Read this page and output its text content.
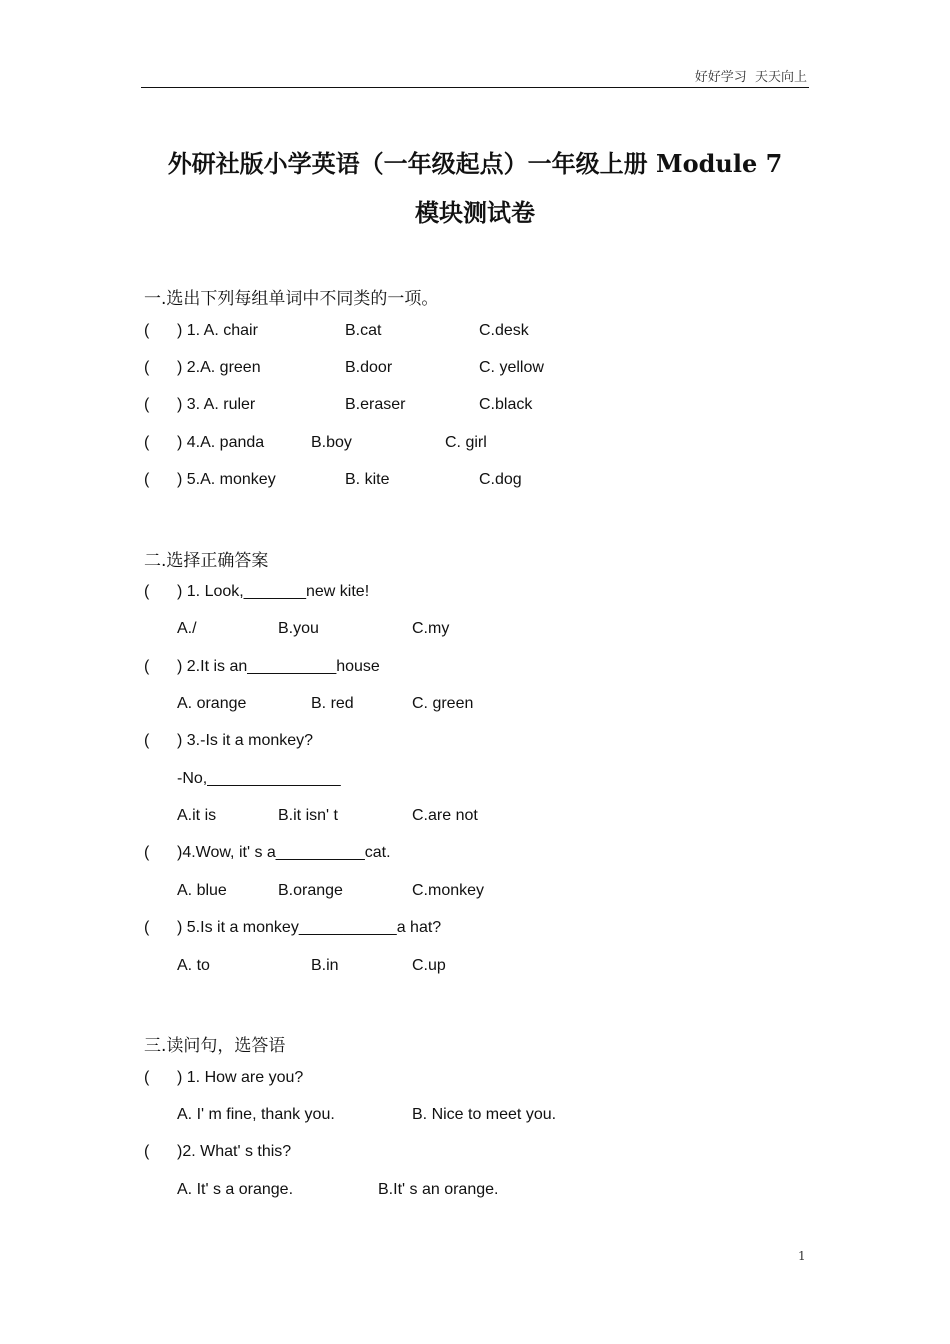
好好学习  天天向上
外研社版小学英语（一年级起点）一年级上册 Module 7
模块测试卷
一.选出下列每组单词中不同类的一项。
( ) 1. A. chair	B.cat	C.desk
( ) 2.A. green	B.door	C. yellow
( ) 3. A. ruler	B.eraser	C.black
( ) 4.A. panda	B.boy	C. girl
( ) 5.A. monkey	B. kite	C.dog
二.选择正确答案
( ) 1. Look,_______new kite!
A./	B.you	C.my
( ) 2.It is an__________house
A. orange	B. red	C. green
( ) 3.-Is it a monkey?
-No,_______________
A.it is	B.it isn' t	C.are not
( )4.Wow, it' s a__________cat.
A. blue	B.orange	C.monkey
( ) 5.Is it a monkey___________a hat?
A. to	B.in	C.up
三.读问句，选答语
( ) 1. How are you?
A. I' m fine, thank you.	B. Nice to meet you.
( )2. What' s this?
A. It' s a orange.	B.It' s an orange.
1
